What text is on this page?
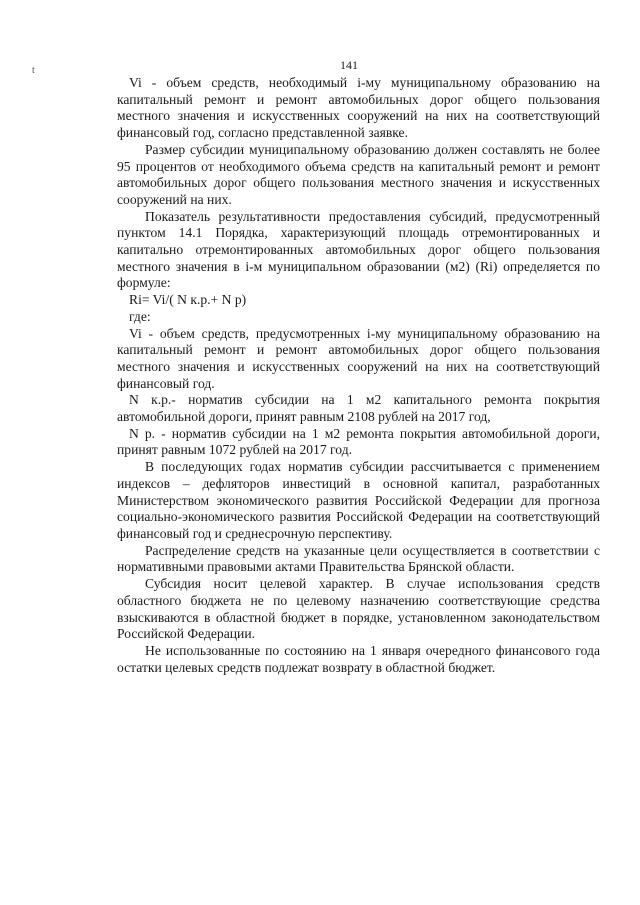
141
t

Vi - объем средств, необходимый i-му муниципальному образованию на капитальный ремонт и ремонт автомобильных дорог общего пользования местного значения и искусственных сооружений на них на соответствующий финансовый год, согласно представленной заявке.

Размер субсидии муниципальному образованию должен составлять не более 95 процентов от необходимого объема средств на капитальный ремонт и ремонт автомобильных дорог общего пользования местного значения и искусственных сооружений на них.

Показатель результативности предоставления субсидий, предусмотренный пунктом 14.1 Порядка, характеризующий площадь отремонтированных и капитально отремонтированных автомобильных дорог общего пользования местного значения в i-м муниципальном образовании (м2) (Ri) определяется по формуле:

Ri= Vi/( N к.р.+ N р)

где:

Vi - объем средств, предусмотренных i-му муниципальному образованию на капитальный ремонт и ремонт автомобильных дорог общего пользования местного значения и искусственных сооружений на них на соответствующий финансовый год.

N к.р.- норматив субсидии на 1 м2 капитального ремонта покрытия автомобильной дороги, принят равным 2108 рублей на 2017 год,

N р. - норматив субсидии на 1 м2 ремонта покрытия автомобильной дороги, принят равным 1072 рублей на 2017 год.

В последующих годах норматив субсидии рассчитывается с применением индексов – дефляторов инвестиций в основной капитал, разработанных Министерством экономического развития Российской Федерации для прогноза социально-экономического развития Российской Федерации на соответствующий финансовый год и среднесрочную перспективу.

Распределение средств на указанные цели осуществляется в соответствии с нормативными правовыми актами Правительства Брянской области.

Субсидия носит целевой характер. В случае использования средств областного бюджета не по целевому назначению соответствующие средства взыскиваются в областной бюджет в порядке, установленном законодательством Российской Федерации.

Не использованные по состоянию на 1 января очередного финансового года остатки целевых средств подлежат возврату в областной бюджет.
